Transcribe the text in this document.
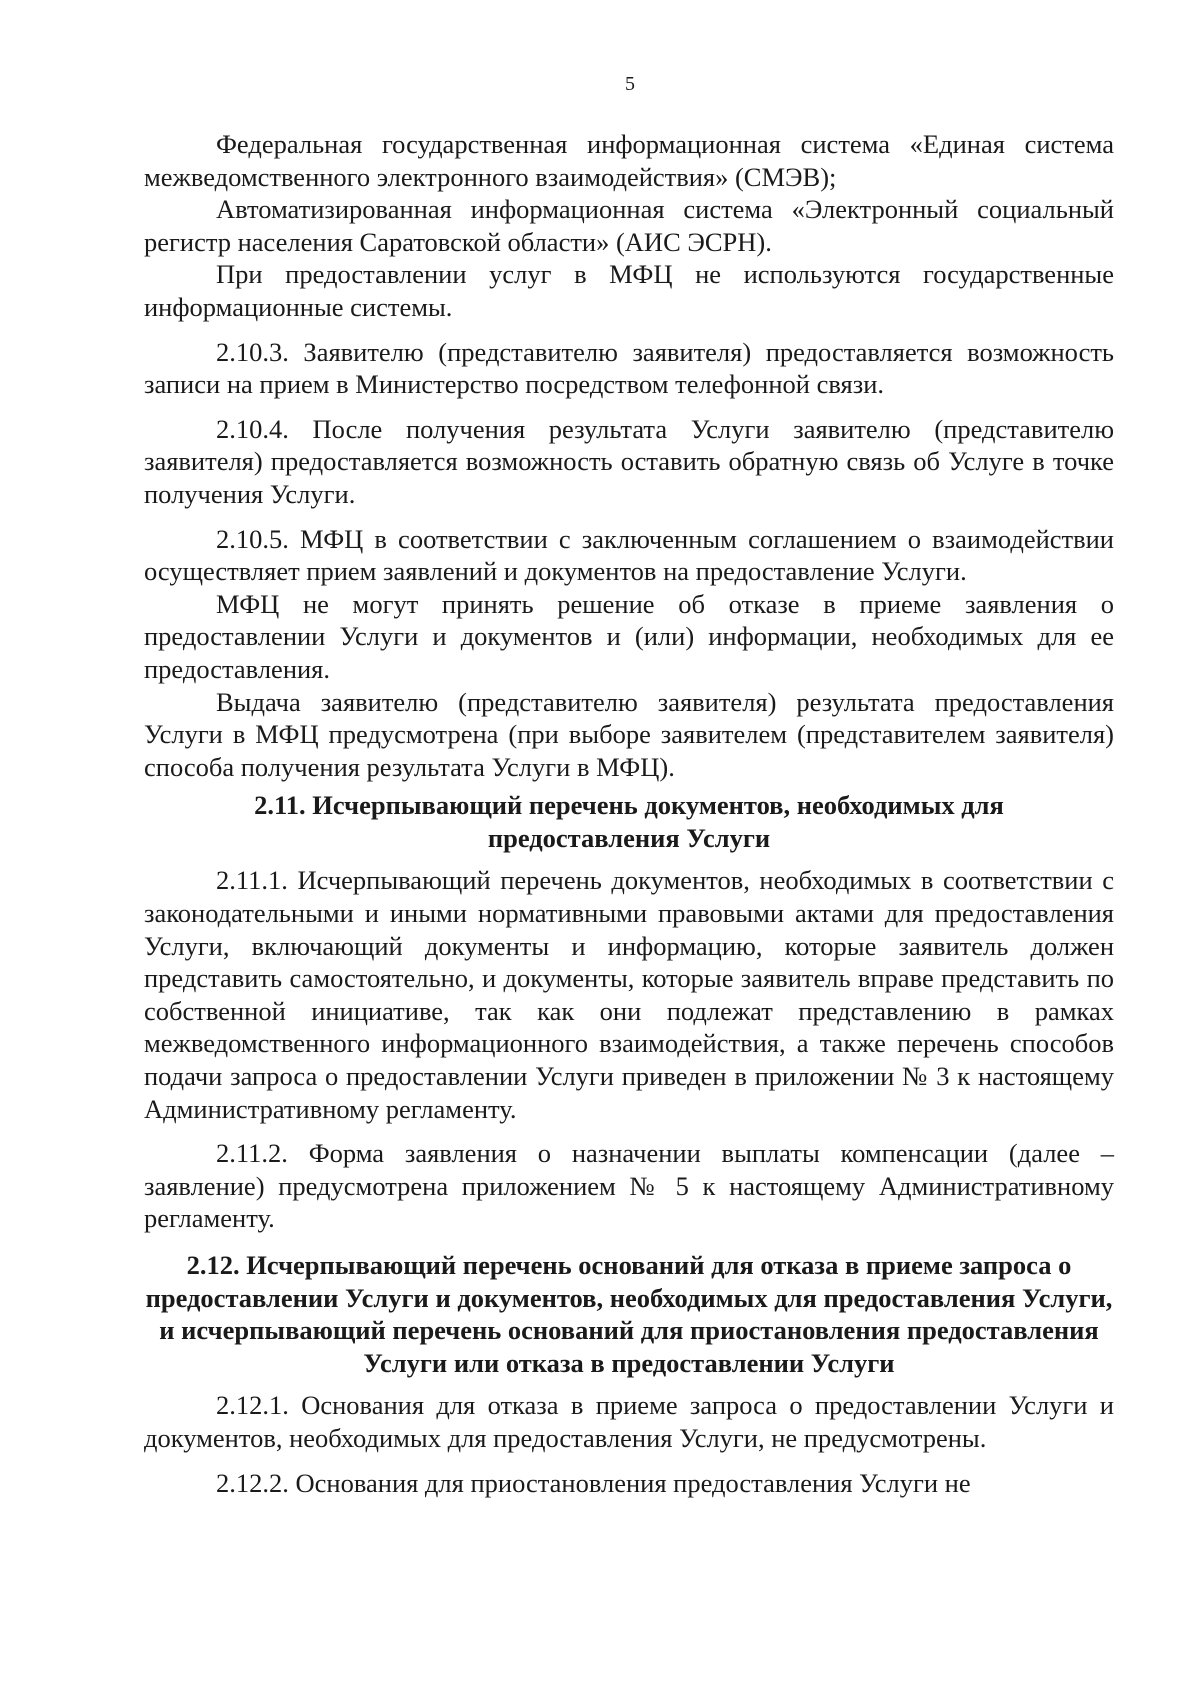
5

Федеральная государственная информационная система «Единая система межведомственного электронного взаимодействия» (СМЭВ);

Автоматизированная информационная система «Электронный социальный регистр населения Саратовской области» (АИС ЭСРН).

При предоставлении услуг в МФЦ не используются государственные информационные системы.

2.10.3. Заявителю (представителю заявителя) предоставляется возможность записи на прием в Министерство посредством телефонной связи.

2.10.4. После получения результата Услуги заявителю (представителю заявителя) предоставляется возможность оставить обратную связь об Услуге в точке получения Услуги.

2.10.5. МФЦ в соответствии с заключенным соглашением о взаимодействии осуществляет прием заявлений и документов на предоставление Услуги.

МФЦ не могут принять решение об отказе в приеме заявления о предоставлении Услуги и документов и (или) информации, необходимых для ее предоставления.

Выдача заявителю (представителю заявителя) результата предоставления Услуги в МФЦ предусмотрена (при выборе заявителем (представителем заявителя) способа получения результата Услуги в МФЦ).

2.11. Исчерпывающий перечень документов, необходимых для предоставления Услуги

2.11.1. Исчерпывающий перечень документов, необходимых в соответствии с законодательными и иными нормативными правовыми актами для предоставления Услуги, включающий документы и информацию, которые заявитель должен представить самостоятельно, и документы, которые заявитель вправе представить по собственной инициативе, так как они подлежат представлению в рамках межведомственного информационного взаимодействия, а также перечень способов подачи запроса о предоставлении Услуги приведен в приложении № 3 к настоящему Административному регламенту.

2.11.2. Форма заявления о назначении выплаты компенсации (далее – заявление) предусмотрена приложением № 5 к настоящему Административному регламенту.

2.12. Исчерпывающий перечень оснований для отказа в приеме запроса о предоставлении Услуги и документов, необходимых для предоставления Услуги, и исчерпывающий перечень оснований для приостановления предоставления Услуги или отказа в предоставлении Услуги

2.12.1. Основания для отказа в приеме запроса о предоставлении Услуги и документов, необходимых для предоставления Услуги, не предусмотрены.

2.12.2. Основания для приостановления предоставления Услуги не
